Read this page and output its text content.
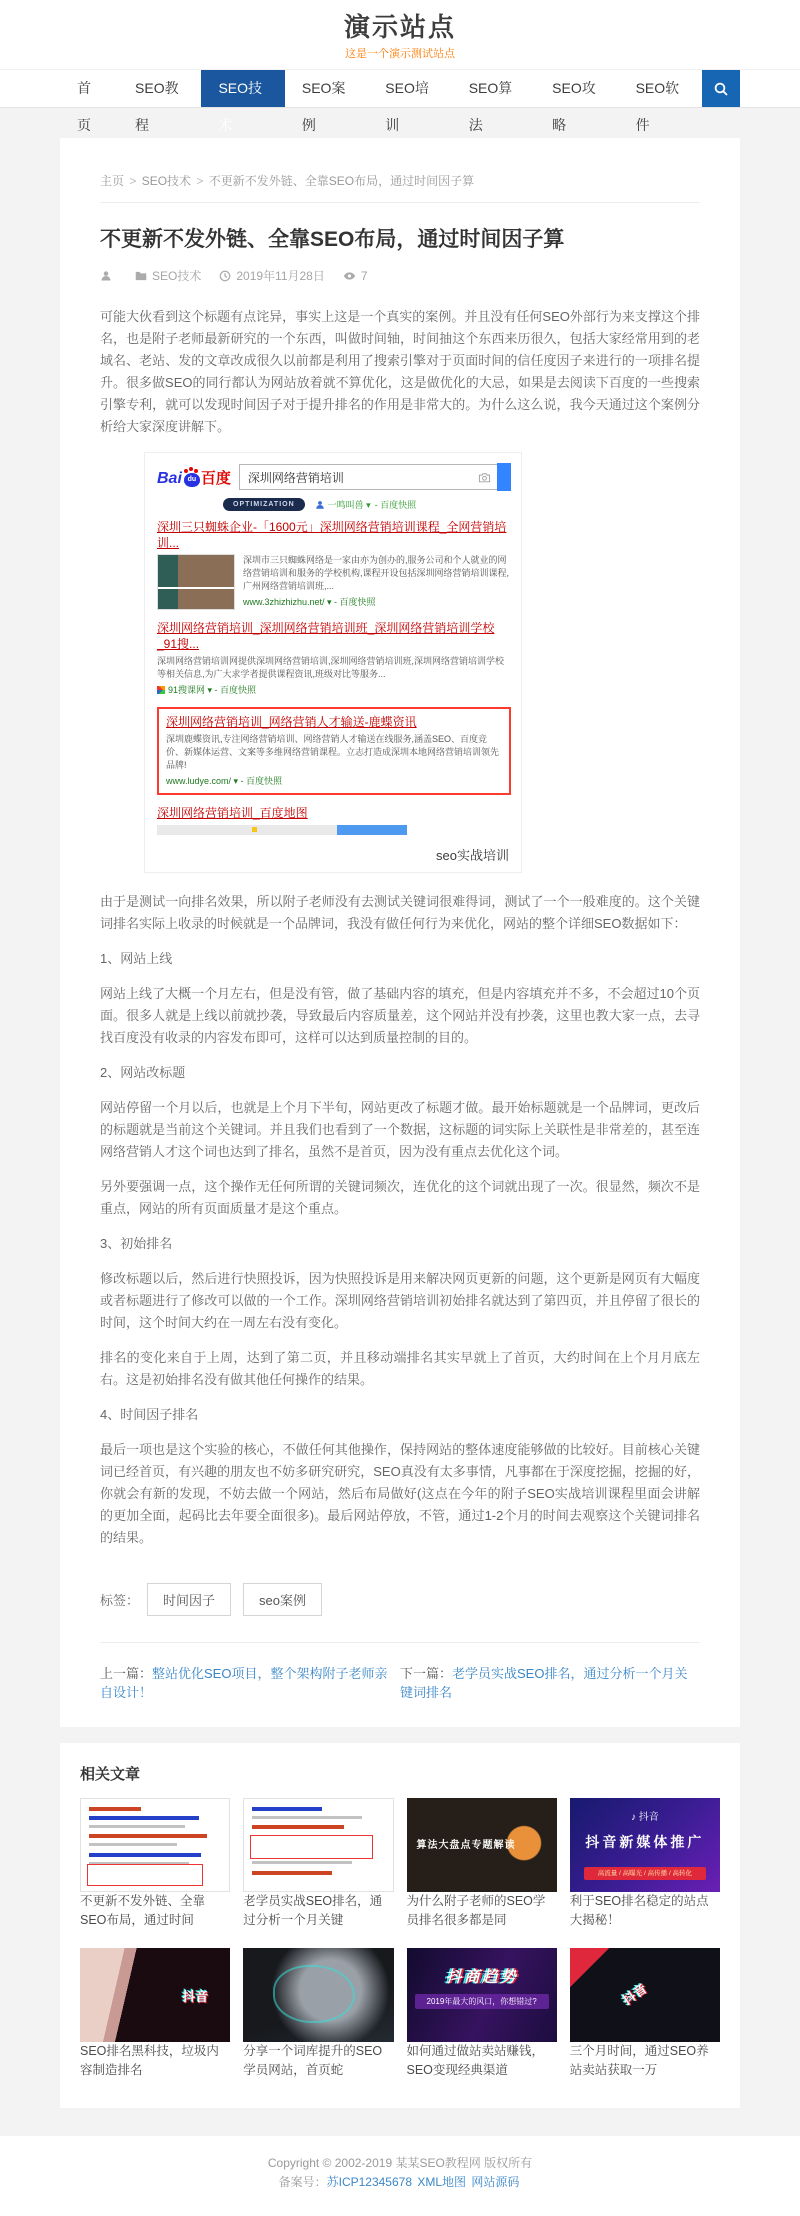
演示站点
这是一个演示测试站点
首页
SEO教程
SEO技术
SEO案例
SEO培训
SEO算法
SEO攻略
SEO软件
主页 > SEO技术 > 不更新不发外链、全靠SEO布局，通过时间因子算
不更新不发外链、全靠SEO布局，通过时间因子算
SEO技术	2019年11月28日	7

可能大伙看到这个标题有点诧异，事实上这是一个真实的案例。并且没有任何SEO外部行为来支撑这个排名，也是附子老师最新研究的一个东西，叫做时间轴，时间抽这个东西来历很久，包括大家经常用到的老域名、老站、发的文章改成很久以前都是利用了搜索引擎对于页面时间的信任度因子来进行的一项排名提升。很多做SEO的同行都认为网站放着就不算优化，这是做优化的大忌，如果是去阅读下百度的一些搜索引擎专利，就可以发现时间因子对于提升排名的作用是非常大的。为什么这么说，我今天通过这个案例分析给大家深度讲解下。

Bai du 百度 深圳网络营销培训
OPTIMIZATION	一鸣叫兽 ▾ - 百度快照
深圳三只蜘蛛企业-「1600元」深圳网络营销培训课程_全网营销培训...
深圳市三只蜘蛛网络是一家由亦为创办的,服务公司和个人就业的网络营销培训和服务的学校机构,课程开设包括深圳网络营销培训课程,广州网络营销培训班,...
www.3zhizhizhu.net/ ▾ - 百度快照
深圳网络营销培训_深圳网络营销培训班_深圳网络营销培训学校_91搜...
深圳网络营销培训网提供深圳网络营销培训,深圳网络营销培训班,深圳网络营销培训学校等相关信息,为广大求学者提供课程资讯,班级对比等服务...
91搜课网 ▾ - 百度快照
深圳网络营销培训_网络营销人才输送-鹿蝶资讯
深圳鹿蝶资讯,专注网络营销培训、网络营销人才输送在线服务,涵盖SEO、百度竞价、新媒体运营、文案等多维网络营销课程。立志打造成深圳本地网络营销培训领先品牌!
www.ludye.com/ ▾ - 百度快照
深圳网络营销培训_百度地图
seo实战培训

由于是测试一向排名效果，所以附子老师没有去测试关键词很难得词，测试了一个一般难度的。这个关键词排名实际上收录的时候就是一个品牌词，我没有做任何行为来优化，网站的整个详细SEO数据如下：

1、网站上线

网站上线了大概一个月左右，但是没有管，做了基础内容的填充，但是内容填充并不多，不会超过10个页面。很多人就是上线以前就抄袭，导致最后内容质量差，这个网站并没有抄袭，这里也教大家一点，去寻找百度没有收录的内容发布即可，这样可以达到质量控制的目的。

2、网站改标题

网站停留一个月以后，也就是上个月下半旬，网站更改了标题才做。最开始标题就是一个品牌词，更改后的标题就是当前这个关键词。并且我们也看到了一个数据，这标题的词实际上关联性是非常差的，甚至连网络营销人才这个词也达到了排名，虽然不是首页，因为没有重点去优化这个词。

另外要强调一点，这个操作无任何所谓的关键词频次，连优化的这个词就出现了一次。很显然，频次不是重点，网站的所有页面质量才是这个重点。

3、初始排名

修改标题以后，然后进行快照投诉，因为快照投诉是用来解决网页更新的问题，这个更新是网页有大幅度或者标题进行了修改可以做的一个工作。深圳网络营销培训初始排名就达到了第四页，并且停留了很长的时间，这个时间大约在一周左右没有变化。

排名的变化来自于上周，达到了第二页，并且移动端排名其实早就上了首页，大约时间在上个月月底左右。这是初始排名没有做其他任何操作的结果。

4、时间因子排名

最后一项也是这个实验的核心，不做任何其他操作，保持网站的整体速度能够做的比较好。目前核心关键词已经首页，有兴趣的朋友也不妨多研究研究，SEO真没有太多事情，凡事都在于深度挖掘，挖掘的好，你就会有新的发现，不妨去做一个网站，然后布局做好(这点在今年的附子SEO实战培训课程里面会讲解的更加全面，起码比去年要全面很多)。最后网站停放，不管，通过1-2个月的时间去观察这个关键词排名的结果。

标签：	时间因子	seo案例
上一篇：整站优化SEO项目，整个架构附子老师亲自设计！
下一篇：老学员实战SEO排名，通过分析一个月关键词排名
相关文章
不更新不发外链、全靠SEO布局，通过时间
老学员实战SEO排名，通过分析一个月关键
算法大盘点专题解读
为什么附子老师的SEO学员排名很多都是同
♪ 抖音
抖音新媒体推广
高流量 / 高曝光 / 高传播 / 高转化
利于SEO排名稳定的站点大揭秘！
抖音
SEO排名黑科技，垃圾内容制造排名
分享一个词库提升的SEO学员网站，首页蛇
抖商趋势
2019年最大的风口，你想错过?
如何通过做站卖站赚钱，SEO变现经典渠道
抖音
三个月时间，通过SEO养站卖站获取一万
Copyright © 2002-2019 某某SEO教程网 版权所有
备案号：苏ICP12345678 XML地图 网站源码
